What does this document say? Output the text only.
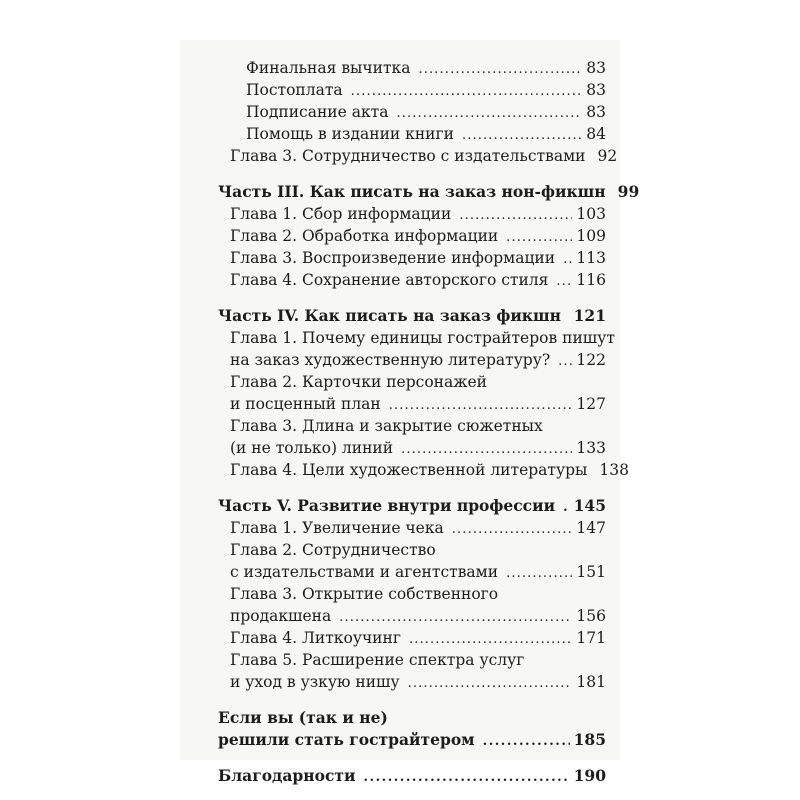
Финальная вычитка . . .	83
Постоплата . . .	83
Подписание акта . . .	83
Помощь в издании книги . . .	84
Глава 3. Сотрудничество с издательствами 92
Часть III. Как писать на заказ нон-фикшн 99
Глава 1. Сбор информации . . .	103
Глава 2. Обработка информации . . .	109
Глава 3. Воспроизведение информации . . . 113
Глава 4. Сохранение авторского стиля . . . 116
Часть IV. Как писать на заказ фикшн . . . 121
Глава 1. Почему единицы гострайтеров пишут
на заказ художественную литературу? . . . 122
Глава 2. Карточки персонажей
и посценный план . . .	127
Глава 3. Длина и закрытие сюжетных
(и не только) линий . . .	133
Глава 4. Цели художественной литературы 138
Часть V. Развитие внутри профессии . . . 145
Глава 1. Увеличение чека . . .	147
Глава 2. Сотрудничество
с издательствами и агентствами . . .	151
Глава 3. Открытие собственного
продакшена . . .	156
Глава 4. Литкоучинг . . .	171
Глава 5. Расширение спектра услуг
и уход в узкую нишу . . .	181
Если вы (так и не)
решили стать гострайтером . . .	185
Благодарности . . .	190
